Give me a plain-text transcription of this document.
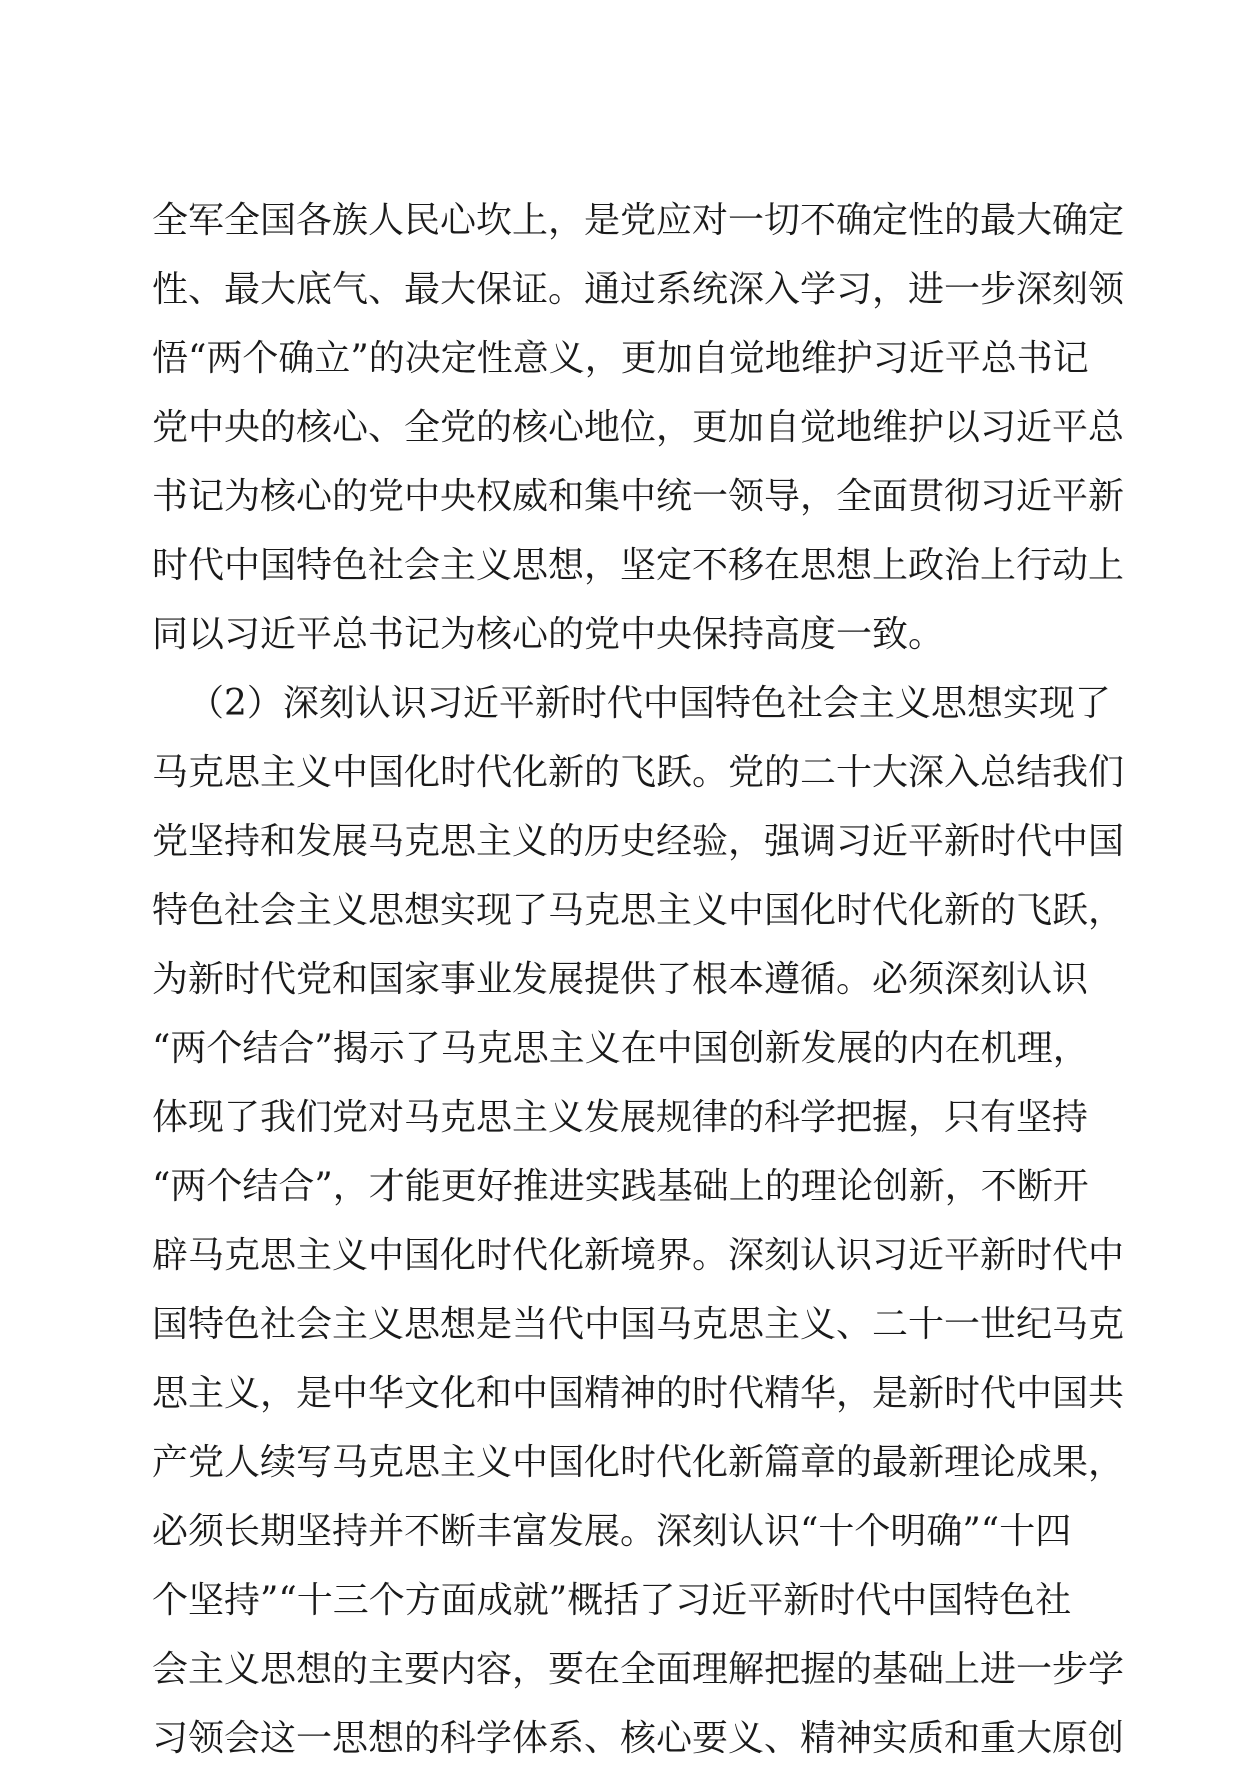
全军全国各族人民心坎上，是党应对一切不确定性的最大确定
性、最大底气、最大保证。通过系统深入学习，进一步深刻领
悟“两个确立”的决定性意义，更加自觉地维护习近平总书记
党中央的核心、全党的核心地位，更加自觉地维护以习近平总
书记为核心的党中央权威和集中统一领导，全面贯彻习近平新
时代中国特色社会主义思想，坚定不移在思想上政治上行动上
同以习近平总书记为核心的党中央保持高度一致。
（2）深刻认识习近平新时代中国特色社会主义思想实现了
马克思主义中国化时代化新的飞跃。党的二十大深入总结我们
党坚持和发展马克思主义的历史经验，强调习近平新时代中国
特色社会主义思想实现了马克思主义中国化时代化新的飞跃，
为新时代党和国家事业发展提供了根本遵循。必须深刻认识
“两个结合”揭示了马克思主义在中国创新发展的内在机理，
体现了我们党对马克思主义发展规律的科学把握，只有坚持
“两个结合”，才能更好推进实践基础上的理论创新，不断开
辟马克思主义中国化时代化新境界。深刻认识习近平新时代中
国特色社会主义思想是当代中国马克思主义、二十一世纪马克
思主义，是中华文化和中国精神的时代精华，是新时代中国共
产党人续写马克思主义中国化时代化新篇章的最新理论成果，
必须长期坚持并不断丰富发展。深刻认识“十个明确”“十四
个坚持”“十三个方面成就”概括了习近平新时代中国特色社
会主义思想的主要内容，要在全面理解把握的基础上进一步学
习领会这一思想的科学体系、核心要义、精神实质和重大原创
